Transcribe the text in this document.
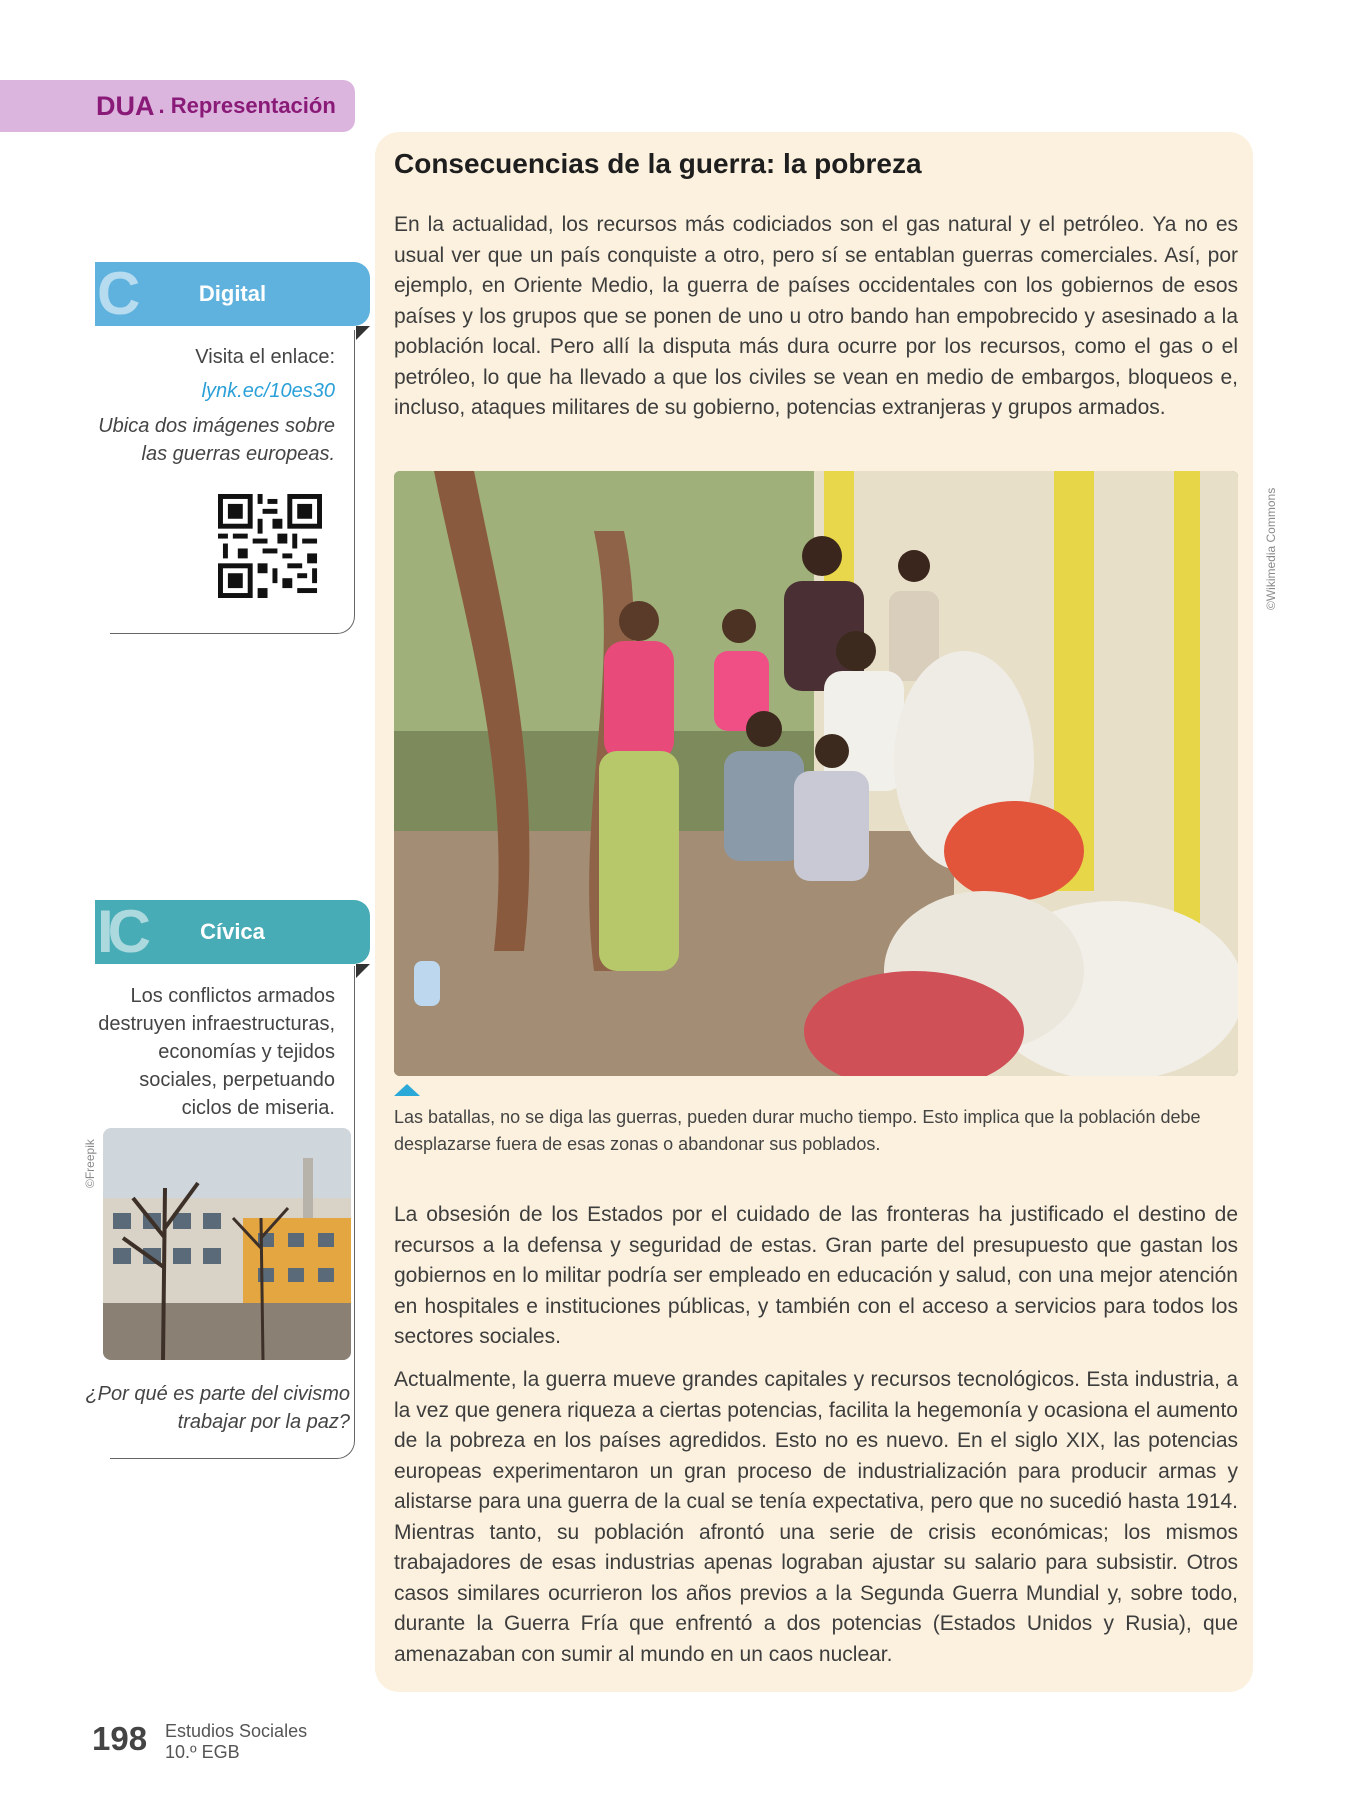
DUA . Representación
Consecuencias de la guerra: la pobreza

En la actualidad, los recursos más codiciados son el gas natural y el petróleo. Ya no es usual ver que un país conquiste a otro, pero sí se entablan guerras comerciales. Así, por ejemplo, en Oriente Medio, la guerra de países occidentales con los gobiernos de esos países y los grupos que se ponen de uno u otro bando han empobrecido y asesinado a la población local. Pero allí la disputa más dura ocurre por los recursos, como el gas o el petróleo, lo que ha llevado a que los civiles se vean en medio de embargos, bloqueos e, incluso, ataques militares de su gobierno, potencias extranjeras y grupos armados.

©Wikimedia Commons

Las batallas, no se diga las guerras, pueden durar mucho tiempo. Esto implica que la población debe desplazarse fuera de esas zonas o abandonar sus poblados.

La obsesión de los Estados por el cuidado de las fronteras ha justificado el destino de recursos a la defensa y seguridad de estas. Gran parte del presupuesto que gastan los gobiernos en lo militar podría ser empleado en educación y salud, con una mejor atención en hospitales e instituciones públicas, y también con el acceso a servicios para todos los sectores sociales.

Actualmente, la guerra mueve grandes capitales y recursos tecnológicos. Esta industria, a la vez que genera riqueza a ciertas potencias, facilita la hegemonía y ocasiona el aumento de la pobreza en los países agredidos. Esto no es nuevo. En el siglo XIX, las potencias europeas experimentaron un gran proceso de industrialización para producir armas y alistarse para una guerra de la cual se tenía expectativa, pero que no sucedió hasta 1914. Mientras tanto, su población afrontó una serie de crisis económicas; los mismos trabajadores de esas industrias apenas lograban ajustar su salario para subsistir. Otros casos similares ocurrieron los años previos a la Segunda Guerra Mundial y, sobre todo, durante la Guerra Fría que enfrentó a dos potencias (Estados Unidos y Rusia), que amenazaban con sumir al mundo en un caos nuclear.

C	Digital
Visita el enlace:
lynk.ec/10es30
Ubica dos imágenes sobre
las guerras europeas.
IC	Cívica
Los conflictos armados
destruyen infraestructuras,
economías y tejidos
sociales, perpetuando
ciclos de miseria.
©Freepik
¿Por qué es parte del civismo
trabajar por la paz?
198 Estudios Sociales
10.º EGB
